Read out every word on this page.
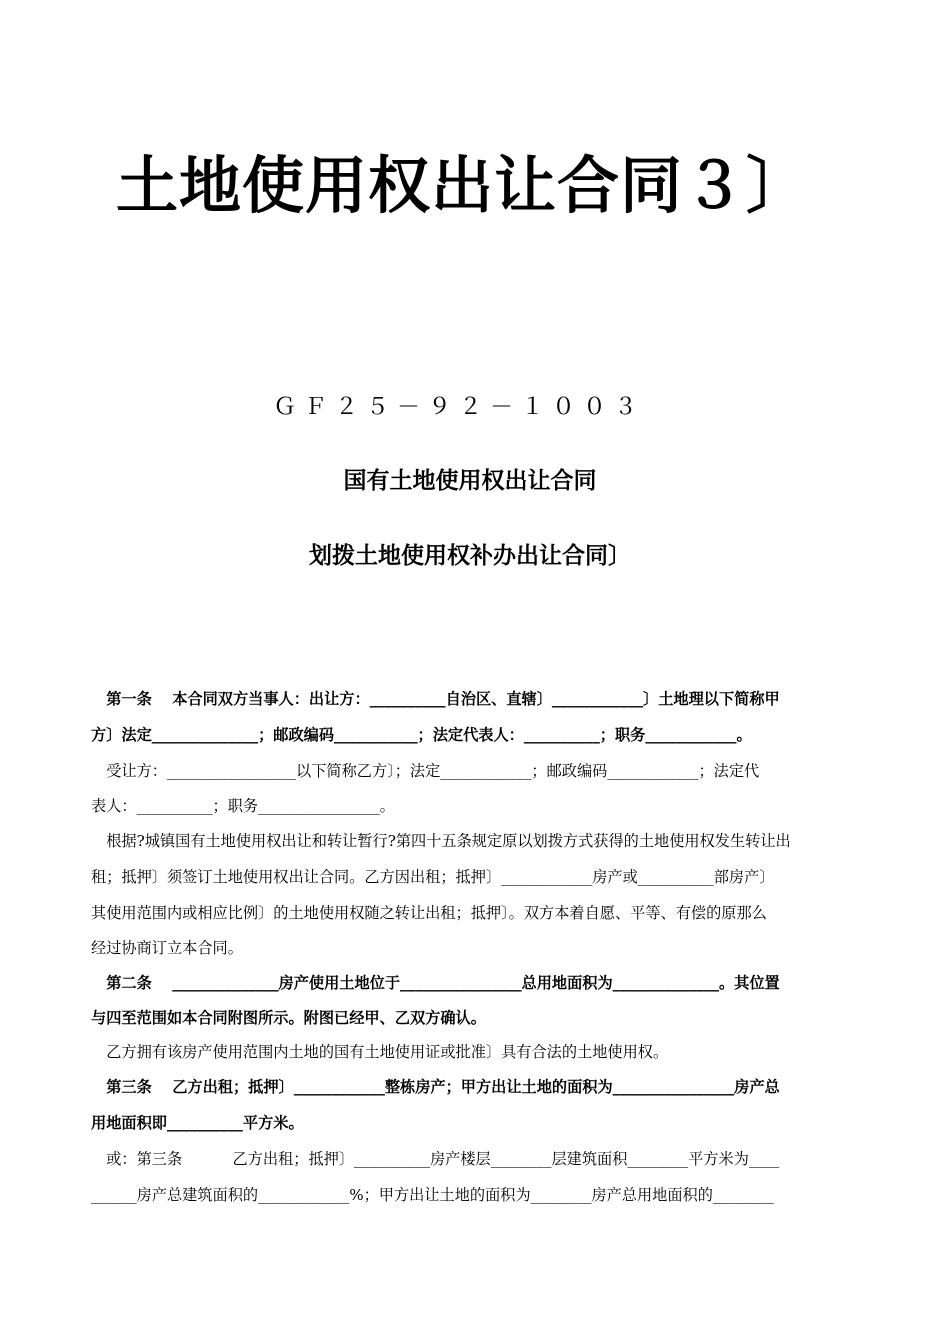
土地使用权出让合同３〕
ＧＦ２５－９２－１００３
国有土地使用权出让合同
划拨土地使用权补办出让合同〕
　第一条　 本合同双方当事人：出让方：__________自治区、直辖〕____________〕土地理以下简称甲
方〕法定______________；邮政编码___________；法定代表人：__________；职务____________。
　受让方：_________________以下简称乙方〕；法定____________；邮政编码____________；法定代
表人：__________；职务________________。
　根据?城镇国有土地使用权出让和转让暂行?第四十五条规定原以划拨方式获得的土地使用权发生转让出
租；抵押〕须签订土地使用权出让合同。乙方因出租；抵押〕____________房产或__________部房产〕
其使用范围内或相应比例〕的土地使用权随之转让出租；抵押〕。双方本着自愿、平等、有偿的原那么
经过协商订立本合同。
　第二条　 ______________房产使用土地位于________________总用地面积为______________。其位置
与四至范围如本合同附图所示。附图已经甲、乙双方确认。
　乙方拥有该房产使用范围内土地的国有土地使用证或批准〕具有合法的土地使用权。
　第三条　 乙方出租；抵押〕____________整栋房产；甲方出让土地的面积为________________房产总
用地面积即__________平方米。
　或：第三条　 　　乙方出租；抵押〕__________房产楼层________层建筑面积________平方米为____
______房产总建筑面积的____________%；甲方出让土地的面积为________房产总用地面积的________
